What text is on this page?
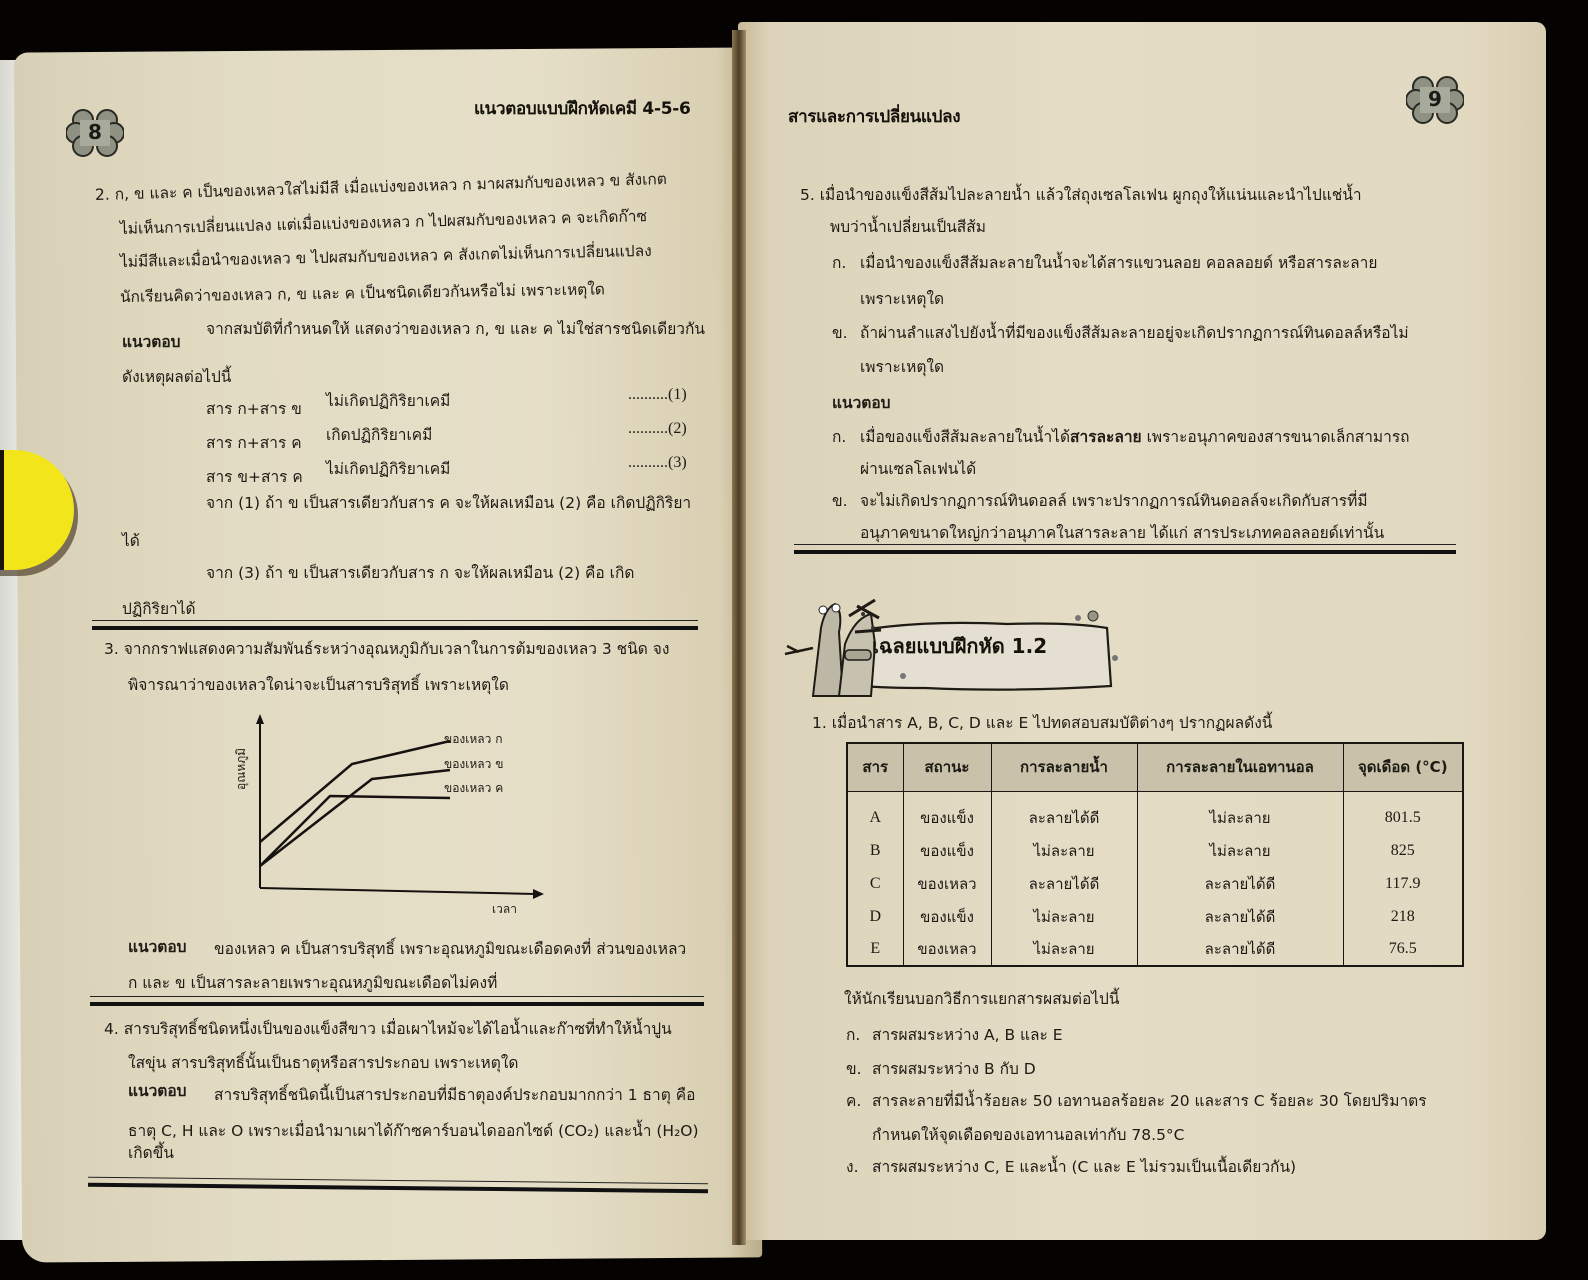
8
แนวตอบแบบฝึกหัดเคมี 4-5-6
2. ก, ข และ ค เป็นของเหลวใสไม่มีสี เมื่อแบ่งของเหลว ก มาผสมกับของเหลว ข สังเกต
ไม่เห็นการเปลี่ยนแปลง แต่เมื่อแบ่งของเหลว ก ไปผสมกับของเหลว ค จะเกิดก๊าซ
ไม่มีสีและเมื่อนำของเหลว ข ไปผสมกับของเหลว ค สังเกตไม่เห็นการเปลี่ยนแปลง
นักเรียนคิดว่าของเหลว ก, ข และ ค เป็นชนิดเดียวกันหรือไม่ เพราะเหตุใด
แนวตอบ
จากสมบัติที่กำหนดให้ แสดงว่าของเหลว ก, ข และ ค ไม่ใช่สารชนิดเดียวกัน
ดังเหตุผลต่อไปนี้
สาร ก+สาร ข ไม่เกิดปฏิกิริยาเคมี	..........(1)
สาร ก+สาร ค เกิดปฏิกิริยาเคมี	..........(2)
สาร ข+สาร ค ไม่เกิดปฏิกิริยาเคมี	..........(3)
จาก (1) ถ้า ข เป็นสารเดียวกับสาร ค จะให้ผลเหมือน (2) คือ เกิดปฏิกิริยา
ได้
จาก (3) ถ้า ข เป็นสารเดียวกับสาร ก จะให้ผลเหมือน (2) คือ เกิด
ปฏิกิริยาได้
3. จากกราฟแสดงความสัมพันธ์ระหว่างอุณหภูมิกับเวลาในการต้มของเหลว 3 ชนิด จง
พิจารณาว่าของเหลวใดน่าจะเป็นสารบริสุทธิ์ เพราะเหตุใด
ของเหลว ก
ของเหลว ข
ของเหลว ค
อุณหภูมิ
เวลา
แนวตอบ ของเหลว ค เป็นสารบริสุทธิ์ เพราะอุณหภูมิขณะเดือดคงที่ ส่วนของเหลว
ก และ ข เป็นสารละลายเพราะอุณหภูมิขณะเดือดไม่คงที่
4. สารบริสุทธิ์ชนิดหนึ่งเป็นของแข็งสีขาว เมื่อเผาไหม้จะได้ไอน้ำและก๊าซที่ทำให้น้ำปูน
ใสขุ่น สารบริสุทธิ์นั้นเป็นธาตุหรือสารประกอบ เพราะเหตุใด
แนวตอบ สารบริสุทธิ์ชนิดนี้เป็นสารประกอบที่มีธาตุองค์ประกอบมากกว่า 1 ธาตุ คือ
ธาตุ C, H และ O เพราะเมื่อนำมาเผาได้ก๊าซคาร์บอนไดออกไซด์ (CO₂) และน้ำ (H₂O)
เกิดขึ้น
สารและการเปลี่ยนแปลง
9
5. เมื่อนำของแข็งสีส้มไปละลายน้ำ แล้วใส่ถุงเซลโลเฟน ผูกถุงให้แน่นและนำไปแช่น้ำ
พบว่าน้ำเปลี่ยนเป็นสีส้ม
ก. เมื่อนำของแข็งสีส้มละลายในน้ำจะได้สารแขวนลอย คอลลอยด์ หรือสารละลาย
เพราะเหตุใด
ข. ถ้าผ่านลำแสงไปยังน้ำที่มีของแข็งสีส้มละลายอยู่จะเกิดปรากฏการณ์ทินดอลล์หรือไม่
เพราะเหตุใด
แนวตอบ
ก. เมื่อของแข็งสีส้มละลายในน้ำได้สารละลาย เพราะอนุภาคของสารขนาดเล็กสามารถ
ผ่านเซลโลเฟนได้
ข. จะไม่เกิดปรากฏการณ์ทินดอลล์ เพราะปรากฏการณ์ทินดอลล์จะเกิดกับสารที่มี
อนุภาคขนาดใหญ่กว่าอนุภาคในสารละลาย ได้แก่ สารประเภทคอลลอยด์เท่านั้น
เฉลยแบบฝึกหัด 1.2
1. เมื่อนำสาร A, B, C, D และ E ไปทดสอบสมบัติต่างๆ ปรากฏผลดังนี้
สาร	สถานะ	การละลายน้ำ	การละลายในเอทานอล	จุดเดือด (°C)
A	ของแข็ง	ละลายได้ดี	ไม่ละลาย	801.5
B	ของแข็ง	ไม่ละลาย	ไม่ละลาย	825
C	ของเหลว	ละลายได้ดี	ละลายได้ดี	117.9
D	ของแข็ง	ไม่ละลาย	ละลายได้ดี	218
E	ของเหลว	ไม่ละลาย	ละลายได้ดี	76.5
ให้นักเรียนบอกวิธีการแยกสารผสมต่อไปนี้
ก. สารผสมระหว่าง A, B และ E
ข. สารผสมระหว่าง B กับ D
ค. สารละลายที่มีน้ำร้อยละ 50 เอทานอลร้อยละ 20 และสาร C ร้อยละ 30 โดยปริมาตร
กำหนดให้จุดเดือดของเอทานอลเท่ากับ 78.5°C
ง. สารผสมระหว่าง C, E และน้ำ (C และ E ไม่รวมเป็นเนื้อเดียวกัน)
